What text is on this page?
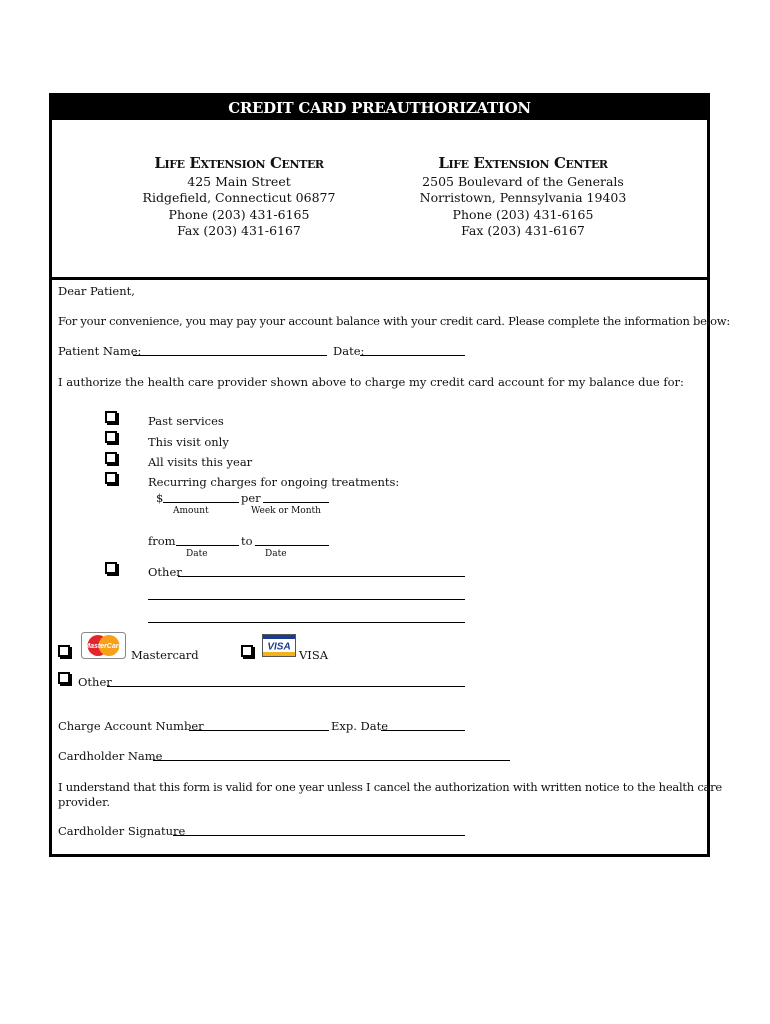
CREDIT CARD PREAUTHORIZATION
Life Extension Center
425 Main Street
Ridgefield, Connecticut 06877
Phone (203) 431-6165
Fax (203) 431-6167
Life Extension Center
2505 Boulevard of the Generals
Norristown, Pennsylvania 19403
Phone (203) 431-6165
Fax (203) 431-6167
Dear Patient,
For your convenience, you may pay your account balance with your credit card. Please complete the information below:
Patient Name:	Date:
I authorize the health care provider shown above to charge my credit card account for my balance due for:
Past services
This visit only
All visits this year
Recurring charges for ongoing treatments:
$	per
Amount	Week or Month
from	to
Date	Date
Other
MasterCard
Mastercard
VISA
VISA
Other
Charge Account Number	Exp. Date
Cardholder Name
I understand that this form is valid for one year unless I cancel the authorization with written notice to the health care
provider.
Cardholder Signature
